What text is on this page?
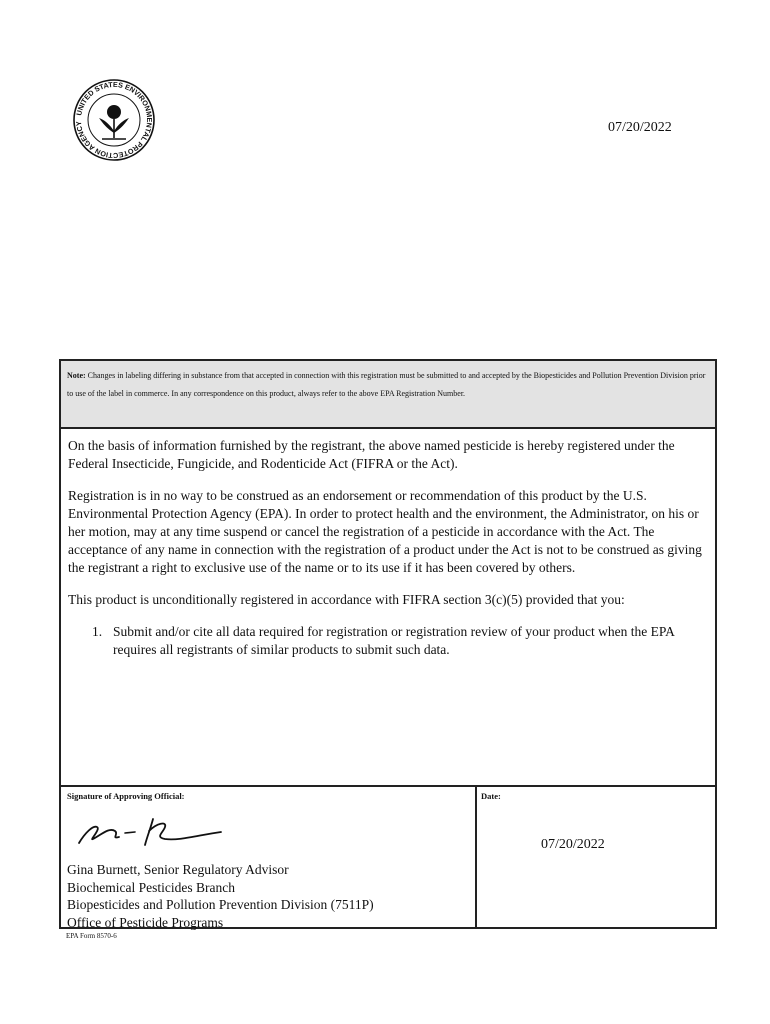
UNITED STATES ENVIRONMENTAL PROTECTION AGENCY	07/20/2022
Note: Changes in labeling differing in substance from that accepted in connection with this registration must be submitted to and accepted by the Biopesticides and Pollution Prevention Division prior to use of the label in commerce. In any correspondence on this product, always refer to the above EPA Registration Number.

On the basis of information furnished by the registrant, the above named pesticide is hereby registered under the Federal Insecticide, Fungicide, and Rodenticide Act (FIFRA or the Act).

Registration is in no way to be construed as an endorsement or recommendation of this product by the U.S. Environmental Protection Agency (EPA). In order to protect health and the environment, the Administrator, on his or her motion, may at any time suspend or cancel the registration of a pesticide in accordance with the Act. The acceptance of any name in connection with the registration of a product under the Act is not to be construed as giving the registrant a right to exclusive use of the name or to its use if it has been covered by others.

This product is unconditionally registered in accordance with FIFRA section 3(c)(5) provided that you:

1. Submit and/or cite all data required for registration or registration review of your product when the EPA requires all registrants of similar products to submit such data.
Signature of Approving Official:
Gina Burnett, Senior Regulatory Advisor
Biochemical Pesticides Branch
Biopesticides and Pollution Prevention Division (7511P)
Office of Pesticide Programs
Date:
07/20/2022
EPA Form 8570-6
